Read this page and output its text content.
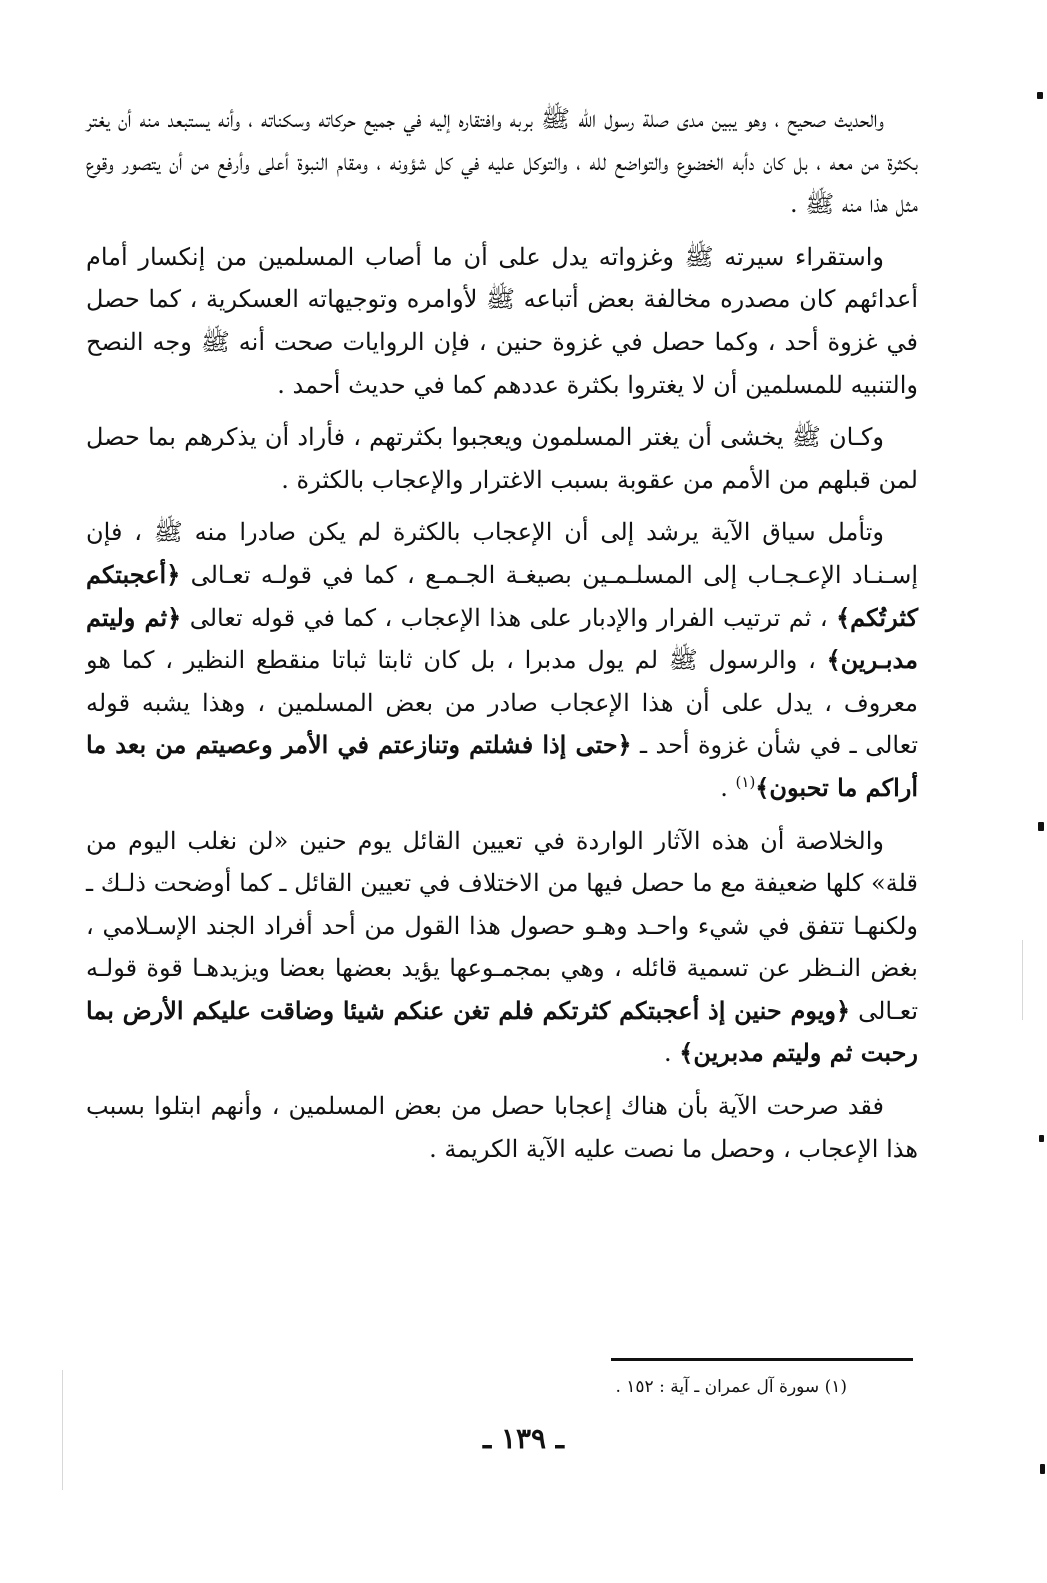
والحديث صحيح ، وهو يبين مدى صلة رسول الله ﷺ بربه وافتقاره إليه في جميع حركاته وسكناته ، وأنه يستبعد منه أن يغتر بكثرة من معه ، بل كان دأبه الخضوع والتواضع لله ، والتوكل عليه في كل شؤونه ، ومقام النبوة أعلى وأرفع من أن يتصور وقوع مثل هذا منه ﷺ .

واستقراء سيرته ﷺ وغزواته يدل على أن ما أصاب المسلمين من إنكسار أمام أعدائهم كان مصدره مخالفة بعض أتباعه ﷺ لأوامره وتوجيهاته العسكرية ، كما حصل في غزوة أحد ، وكما حصل في غزوة حنين ، فإن الروايات صحت أنه ﷺ وجه النصح والتنبيه للمسلمين أن لا يغتروا بكثرة عددهم كما في حديث أحمد .

وكـان ﷺ يخشى أن يغتر المسلمون ويعجبوا بكثرتهم ، فأراد أن يذكرهم بما حصل لمن قبلهم من الأمم من عقوبة بسبب الاغترار والإعجاب بالكثرة .

وتأمل سياق الآية يرشد إلى أن الإعجاب بالكثرة لم يكن صادرا منه ﷺ ، فإن إسـنـاد الإعـجـاب إلى المسلـمـين بصيغـة الجـمـع ، كما في قولـه تعـالى ﴿أعجبتكم كثرتُكم﴾ ، ثم ترتيب الفرار والإدبار على هذا الإعجاب ، كما في قوله تعالى ﴿ثم وليتم مدبـرين﴾ ، والرسول ﷺ لم يول مدبرا ، بل كان ثابتا ثباتا منقطع النظير ، كما هو معروف ، يدل على أن هذا الإعجاب صادر من بعض المسلمين ، وهذا يشبه قوله تعالى ـ في شأن غزوة أحد ـ ﴿حتى إذا فشلتم وتنازعتم في الأمر وعصيتم من بعد ما أراكم ما تحبون﴾$^{(١)}$ .

والخلاصة أن هذه الآثار الواردة في تعيين القائل يوم حنين «لن نغلب اليوم من قلة» كلها ضعيفة مع ما حصل فيها من الاختلاف في تعيين القائل ـ كما أوضحت ذلـك ـ ولكنهـا تتفق في شيء واحـد وهـو حصول هذا القول من أحد أفراد الجند الإسـلامي ، بغض النـظر عن تسمية قائله ، وهي بمجمـوعها يؤيد بعضها بعضا ويزيدهـا قوة قولـه تعـالى ﴿ويوم حنين إذ أعجبتكم كثرتكم فلم تغن عنكم شيئا وضاقت عليكم الأرض بما رحبت ثم وليتم مدبرين﴾ .

فقد صرحت الآية بأن هناك إعجابا حصل من بعض المسلمين ، وأنهم ابتلوا بسبب هذا الإعجاب ، وحصل ما نصت عليه الآية الكريمة .

(١) سورة آل عمران ـ آية : ١٥٢ .
ـ ١٣٩ ـ
